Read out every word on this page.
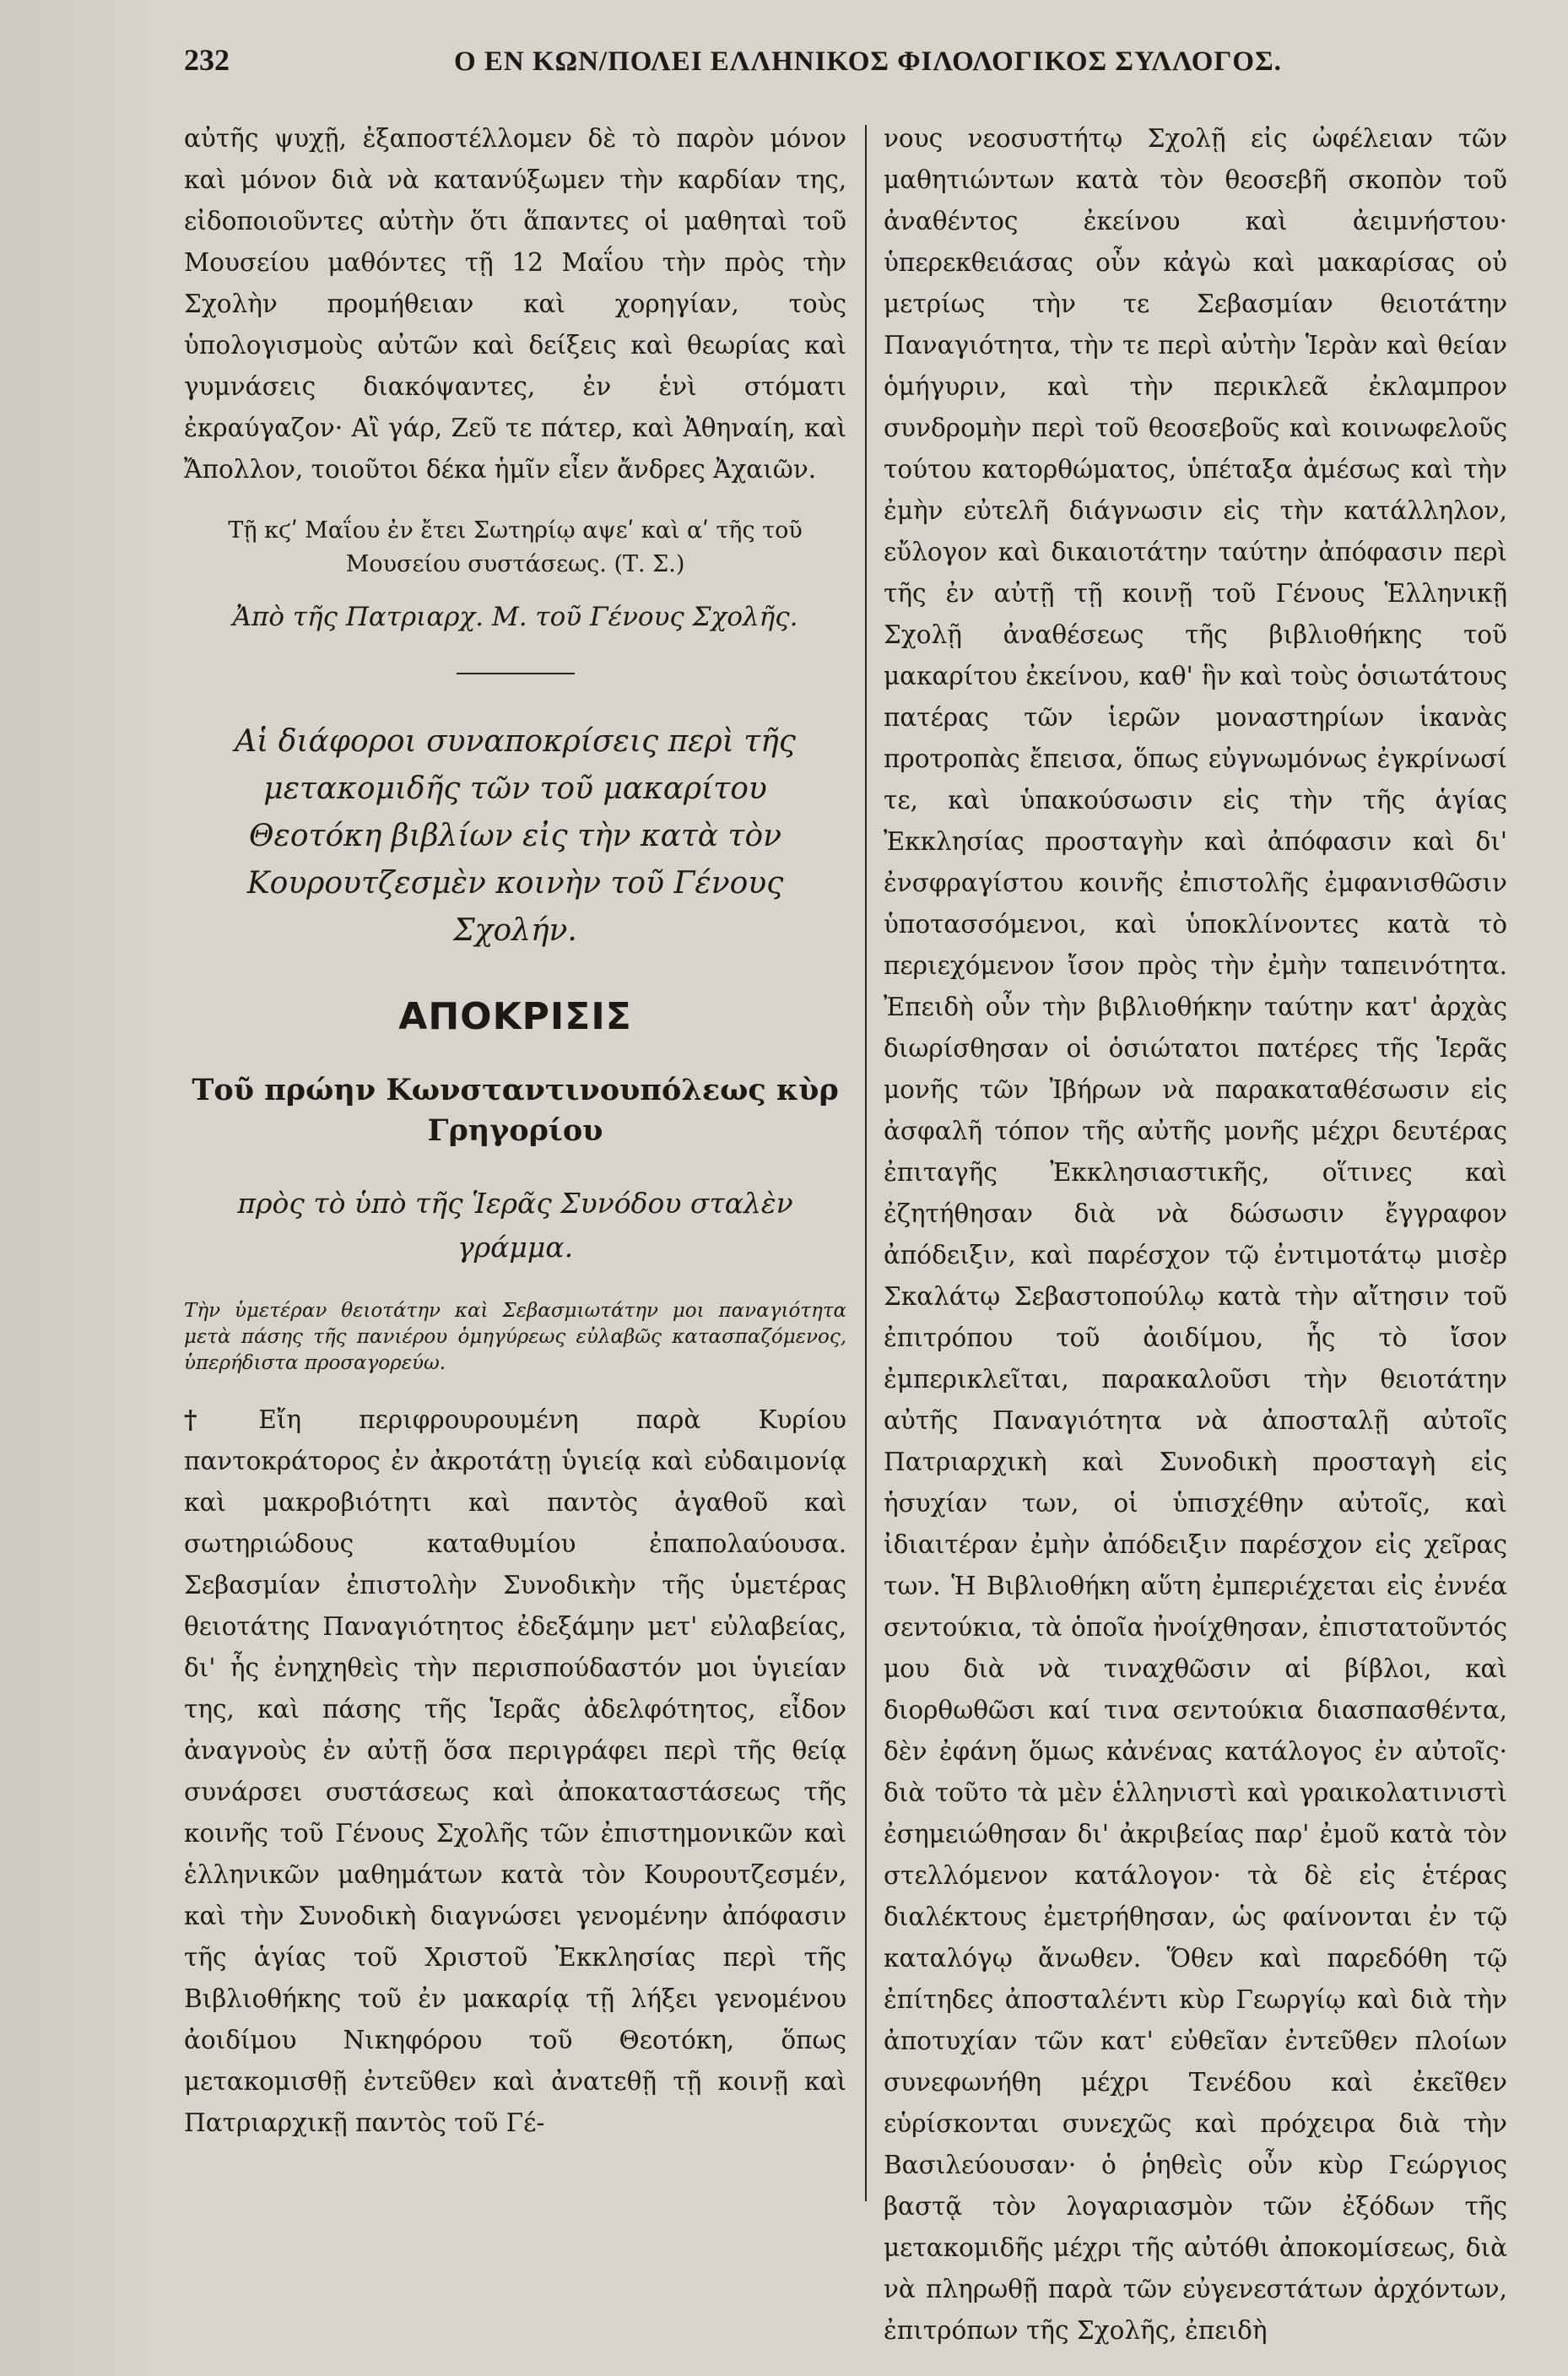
232	Ο ΕΝ ΚΩΝ/ΠΟΛΕΙ ΕΛΛΗΝΙΚΟΣ ΦΙΛΟΛΟΓΙΚΟΣ ΣΥΛΛΟΓΟΣ.

αὐτῆς ψυχῇ, ἐξαποστέλλομεν δὲ τὸ παρὸν μόνον καὶ μόνον διὰ νὰ κατανύξωμεν τὴν καρδίαν της, εἰδοποιοῦντες αὐτὴν ὅτι ἅπαντες οἱ μαθηταὶ τοῦ Μουσείου μαθόντες τῇ 12 Μαΐου τὴν πρὸς τὴν Σχολὴν προμήθειαν καὶ χορηγίαν, τοὺς ὑπολογισμοὺς αὐτῶν καὶ δείξεις καὶ θεωρίας καὶ γυμνάσεις διακόψαντες, ἐν ἑνὶ στόματι ἐκραύγαζον· Αἲ γάρ, Ζεῦ τε πάτερ, καὶ Ἀθηναίη, καὶ Ἄπολλον, τοιοῦτοι δέκα ἡμῖν εἶεν ἄνδρες Ἀχαιῶν.

Τῇ κϛʹ Μαΐου ἐν ἔτει Σωτηρίῳ αψεʹ καὶ αʹ τῆς τοῦ Μουσείου συστάσεως. (Τ. Σ.)

Ἀπὸ τῆς Πατριαρχ. Μ. τοῦ Γένους Σχολῆς.

Αἱ διάφοροι συναποκρίσεις περὶ τῆς μετακομιδῆς τῶν τοῦ μακαρίτου Θεοτόκη βιβλίων εἰς τὴν κατὰ τὸν Κουρουτζεσμὲν κοινὴν τοῦ Γένους Σχολήν.

ΑΠΟΚΡΙΣΙΣ

Τοῦ πρώην Κωνσταντινουπόλεως κὺρ Γρηγορίου

πρὸς τὸ ὑπὸ τῆς Ἱερᾶς Συνόδου σταλὲν γράμμα.

Τὴν ὑμετέραν θειοτάτην καὶ Σεβασμιωτάτην μοι παναγιότητα μετὰ πάσης τῆς πανιέρου ὁμηγύρεως εὐλαβῶς κατασπαζόμενος, ὑπερήδιστα προσαγορεύω.

† Εἴη περιφρουρουμένη παρὰ Κυρίου παντοκράτορος ἐν ἀκροτάτῃ ὑγιείᾳ καὶ εὐδαιμονίᾳ καὶ μακροβιότητι καὶ παντὸς ἀγαθοῦ καὶ σωτηριώδους καταθυμίου ἐπαπολαύουσα. Σεβασμίαν ἐπιστολὴν Συνοδικὴν τῆς ὑμετέρας θειοτάτης Παναγιότητος ἐδεξάμην μετ' εὐλαβείας, δι' ἧς ἐνηχηθεὶς τὴν περισπούδαστόν μοι ὑγιείαν της, καὶ πάσης τῆς Ἱερᾶς ἀδελφότητος, εἶδον ἀναγνοὺς ἐν αὐτῇ ὅσα περιγράφει περὶ τῆς θείᾳ συνάρσει συστάσεως καὶ ἀποκαταστάσεως τῆς κοινῆς τοῦ Γένους Σχολῆς τῶν ἐπιστημονικῶν καὶ ἑλληνικῶν μαθημάτων κατὰ τὸν Κουρουτζεσμέν, καὶ τὴν Συνοδικὴ διαγνώσει γενομένην ἀπόφασιν τῆς ἁγίας τοῦ Χριστοῦ Ἐκκλησίας περὶ τῆς Βιβλιοθήκης τοῦ ἐν μακαρίᾳ τῇ λήξει γενομένου ἀοιδίμου Νικηφόρου τοῦ Θεοτόκη, ὅπως μετακομισθῇ ἐντεῦθεν καὶ ἀνατεθῇ τῇ κοινῇ καὶ Πατριαρχικῇ παντὸς τοῦ Γέ-

νους νεοσυστήτῳ Σχολῇ εἰς ὠφέλειαν τῶν μαθητιώντων κατὰ τὸν θεοσεβῆ σκοπὸν τοῦ ἀναθέντος ἐκείνου καὶ ἀειμνήστου· ὑπερεκθειάσας οὖν κἀγὼ καὶ μακαρίσας οὐ μετρίως τὴν τε Σεβασμίαν θειοτάτην Παναγιότητα, τὴν τε περὶ αὐτὴν Ἱερὰν καὶ θείαν ὁμήγυριν, καὶ τὴν περικλεᾶ ἐκλαμπρον συνδρομὴν περὶ τοῦ θεοσεβοῦς καὶ κοινωφελοῦς τούτου κατορθώματος, ὑπέταξα ἀμέσως καὶ τὴν ἐμὴν εὐτελῆ διάγνωσιν εἰς τὴν κατάλληλον, εὔλογον καὶ δικαιοτάτην ταύτην ἀπόφασιν περὶ τῆς ἐν αὐτῇ τῇ κοινῇ τοῦ Γένους Ἑλληνικῇ Σχολῇ ἀναθέσεως τῆς βιβλιοθήκης τοῦ μακαρίτου ἐκείνου, καθ' ἣν καὶ τοὺς ὁσιωτάτους πατέρας τῶν ἱερῶν μοναστηρίων ἱκανὰς προτροπὰς ἔπεισα, ὅπως εὐγνωμόνως ἐγκρίνωσί τε, καὶ ὑπακούσωσιν εἰς τὴν τῆς ἁγίας Ἐκκλησίας προσταγὴν καὶ ἀπόφασιν καὶ δι' ἐνσφραγίστου κοινῆς ἐπιστολῆς ἐμφανισθῶσιν ὑποτασσόμενοι, καὶ ὑποκλίνοντες κατὰ τὸ περιεχόμενον ἴσον πρὸς τὴν ἐμὴν ταπεινότητα. Ἐπειδὴ οὖν τὴν βιβλιοθήκην ταύτην κατ' ἀρχὰς διωρίσθησαν οἱ ὁσιώτατοι πατέρες τῆς Ἱερᾶς μονῆς τῶν Ἰβήρων νὰ παρακαταθέσωσιν εἰς ἀσφαλῆ τόπον τῆς αὐτῆς μονῆς μέχρι δευτέρας ἐπιταγῆς Ἐκκλησιαστικῆς, οἵτινες καὶ ἐζητήθησαν διὰ νὰ δώσωσιν ἔγγραφον ἀπόδειξιν, καὶ παρέσχον τῷ ἐντιμοτάτῳ μισὲρ Σκαλάτῳ Σεβαστοπούλῳ κατὰ τὴν αἴτησιν τοῦ ἐπιτρόπου τοῦ ἀοιδίμου, ἧς τὸ ἴσον ἐμπερικλεῖται, παρακαλοῦσι τὴν θειοτάτην αὐτῆς Παναγιότητα νὰ ἀποσταλῇ αὐτοῖς Πατριαρχικὴ καὶ Συνοδικὴ προσταγὴ εἰς ἡσυχίαν των, οἱ ὑπισχέθην αὐτοῖς, καὶ ἰδιαιτέραν ἐμὴν ἀπόδειξιν παρέσχον εἰς χεῖρας των. Ἡ Βιβλιοθήκη αὕτη ἐμπεριέχεται εἰς ἐννέα σεντούκια, τὰ ὁποῖα ἠνοίχθησαν, ἐπιστατοῦντός μου διὰ νὰ τιναχθῶσιν αἱ βίβλοι, καὶ διορθωθῶσι καί τινα σεντούκια διασπασθέντα, δὲν ἐφάνη ὅμως κἀνένας κατάλογος ἐν αὐτοῖς· διὰ τοῦτο τὰ μὲν ἑλληνιστὶ καὶ γραικολατινιστὶ ἐσημειώθησαν δι' ἀκριβείας παρ' ἐμοῦ κατὰ τὸν στελλόμενον κατάλογον· τὰ δὲ εἰς ἑτέρας διαλέκτους ἐμετρήθησαν, ὡς φαίνονται ἐν τῷ καταλόγῳ ἄνωθεν. Ὅθεν καὶ παρεδόθη τῷ ἐπίτηδες ἀποσταλέντι κὺρ Γεωργίῳ καὶ διὰ τὴν ἀποτυχίαν τῶν κατ' εὐθεῖαν ἐντεῦθεν πλοίων συνεφωνήθη μέχρι Τενέδου καὶ ἐκεῖθεν εὑρίσκονται συνεχῶς καὶ πρόχειρα διὰ τὴν Βασιλεύουσαν· ὁ ῥηθεὶς οὖν κὺρ Γεώργιος βαστᾷ τὸν λογαριασμὸν τῶν ἐξόδων τῆς μετακομιδῆς μέχρι τῆς αὐτόθι ἀποκομίσεως, διὰ νὰ πληρωθῇ παρὰ τῶν εὐγενεστάτων ἀρχόντων, ἐπιτρόπων τῆς Σχολῆς, ἐπειδὴ
